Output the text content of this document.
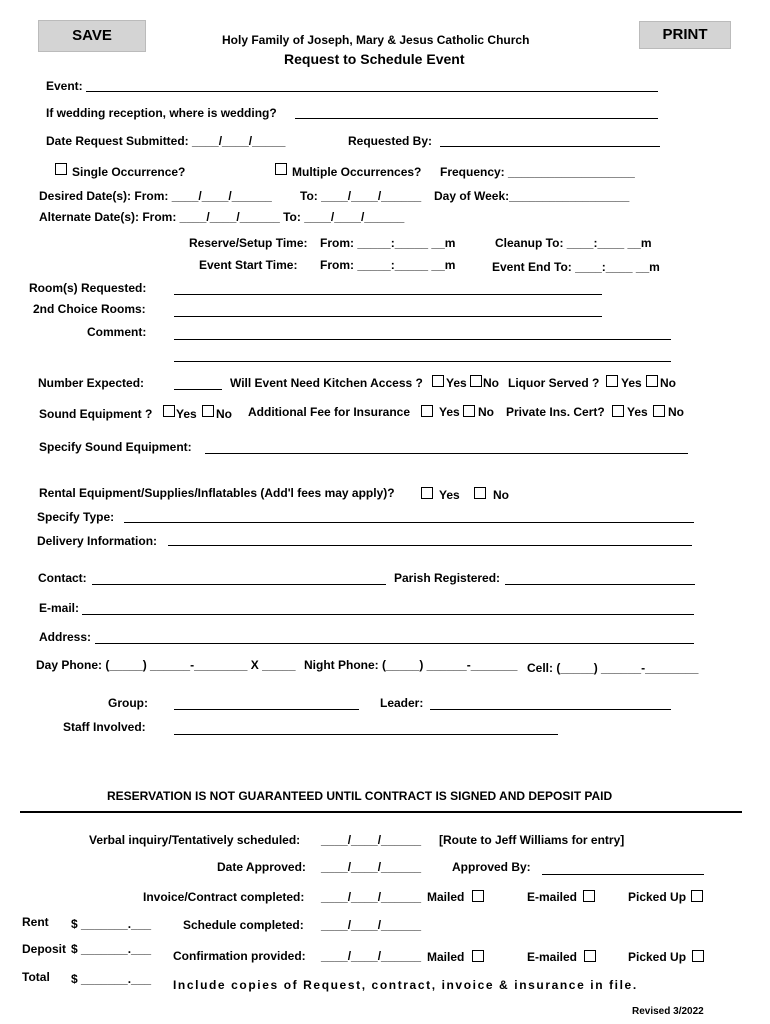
SAVE	PRINT
Holy Family of Joseph, Mary & Jesus Catholic Church
Request to Schedule Event
Event:
If wedding reception, where is wedding?
Date Request Submitted: ____/____/_____	Requested By:
Single Occurrence?	Multiple Occurrences? Frequency: ___________________
Desired Date(s): From: ____/____/______ To: ____/____/______ Day of Week:__________________
Alternate Date(s): From: ____/____/______ To: ____/____/______
Reserve/Setup Time: From: _____:_____ __m	Cleanup To: ____:____ __m
Event Start Time: From: _____:_____ __m	Event End To: ____:____ __m
Room(s) Requested:
2nd Choice Rooms:
Comment:
Number Expected:	Will Event Need Kitchen Access ? Yes No Liquor Served ? Yes No
Sound Equipment ? Yes No Additional Fee for Insurance Yes No Private Ins. Cert? Yes No
Specify Sound Equipment:
Rental Equipment/Supplies/Inflatables (Add'l fees may apply)?	Yes	No
Specify Type:
Delivery Information:
Contact:	Parish Registered:
E-mail:
Address:
Day Phone: (_____) ______-________ X _____ Night Phone: (_____) ______-_______ Cell: (_____) ______-________
Group:	Leader:
Staff Involved:
RESERVATION IS NOT GUARANTEED UNTIL CONTRACT IS SIGNED AND DEPOSIT PAID
Verbal inquiry/Tentatively scheduled: ____/____/______ [Route to Jeff Williams for entry]
Date Approved: ____/____/______	Approved By:
Invoice/Contract completed: ____/____/______ Mailed	E-mailed	Picked Up
Rent $ _______.___	Schedule completed: ____/____/______
Deposit $ _______.___ Confirmation provided: ____/____/______ Mailed	E-mailed	Picked Up
Total $ _______.___ Include copies of Request, contract, invoice & insurance in file.
Revised 3/2022
